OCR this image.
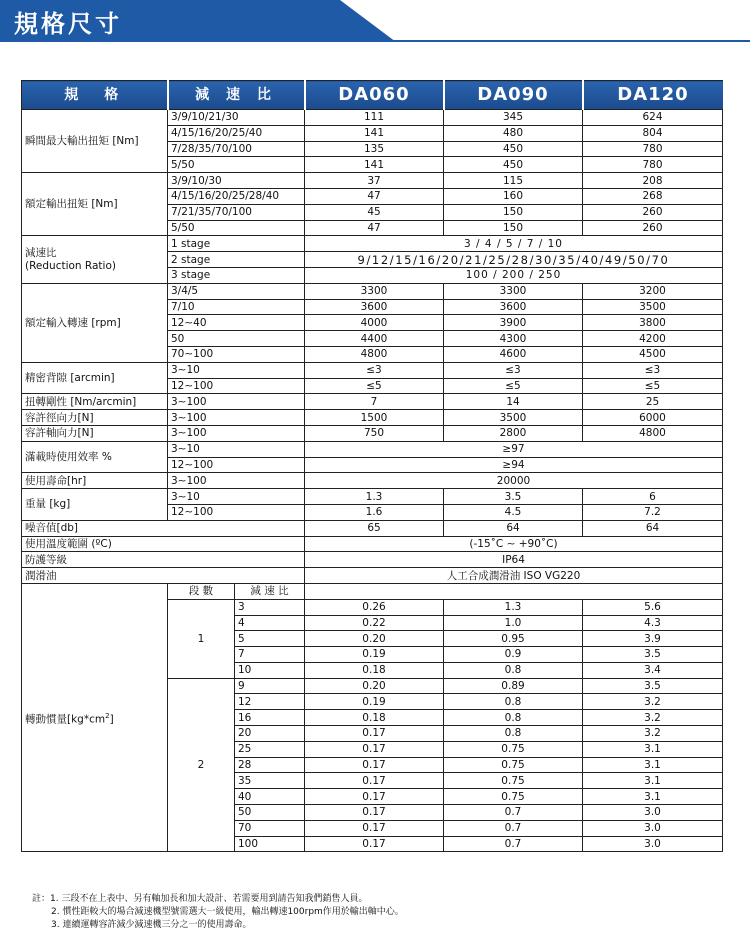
規格尺寸
規　格	減 速 比		DA060	DA090	DA120
瞬間最大輸出扭矩 [Nm]	3/9/10/21/30		111	345	624
	4/15/16/20/25/40		141	480	804
	7/28/35/70/100		135	450	780
	5/50		141	450	780
額定輸出扭矩 [Nm]	3/9/10/30		37	115	208
	4/15/16/20/25/28/40		47	160	268
	7/21/35/70/100		45	150	260
	5/50		47	150	260

減速比
(Reduction Ratio)	1 stage		3 / 4 / 5 / 7 / 10		
	2 stage		9/12/15/16/20/21/25/28/30/35/40/49/50/70		
	3 stage		100 / 200 / 250		
額定輸入轉速 [rpm]	3/4/5		3300	3300	3200
	7/10		3600	3600	3500
	12∼40		4000	3900	3800
	50		4400	4300	4200
	70∼100		4800	4600	4500
精密背隙 [arcmin]	3∼10		≤3	≤3	≤3
	12∼100		≤5	≤5	≤5
扭轉剛性 [Nm/arcmin]	3∼100		7	14	25
容許徑向力[N]	3∼100		1500	3500	6000
容許軸向力[N]	3∼100		750	2800	4800
滿載時使用效率 %	3∼10		≥97		
	12∼100		≥94		
使用壽命[hr]	3∼100		20000		
重量 [kg]	3∼10		1.3	3.5	6
	12∼100		1.6	4.5	7.2
噪音值[db]			65	64	64
使用溫度範圍 (ºC)			(-15˚C ∼ +90˚C)		
防護等級			IP64		
潤滑油			人工合成潤滑油 ISO VG220		
轉動慣量$[kg*cm^2]$	段 數	減 速 比			
	1	3	0.26	1.3	5.6
		4	0.22	1.0	4.3
		5	0.20	0.95	3.9
		7	0.19	0.9	3.5
		10	0.18	0.8	3.4
	2	9	0.20	0.89	3.5
		12	0.19	0.8	3.2
		16	0.18	0.8	3.2
		20	0.17	0.8	3.2
		25	0.17	0.75	3.1
		28	0.17	0.75	3.1
		35	0.17	0.75	3.1
		40	0.17	0.75	3.1
		50	0.17	0.7	3.0
		70	0.17	0.7	3.0
		100	0.17	0.7	3.0
註：1. 三段不在上表中、另有軸加長和加大設計、若需要用到請告知我們銷售人員。
2. 慣性距較大的場合減速機型號需選大一級使用，輸出轉速100rpm作用於輸出軸中心。
3. 連續運轉容許減少減速機三分之一的使用壽命。
